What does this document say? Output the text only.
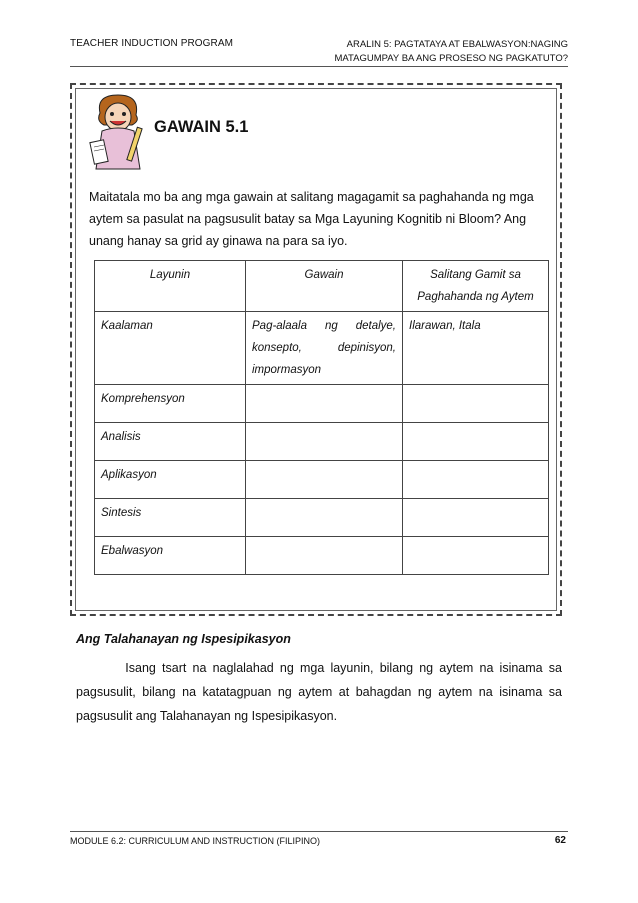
TEACHER INDUCTION PROGRAM	ARALIN 5: PAGTATAYA AT EBALWASYON:NAGING
MATAGUMPAY BA ANG PROSESO NG PAGKATUTO?
GAWAIN 5.1
Maitatala mo ba ang mga gawain at salitang magagamit sa paghahanda ng mga
aytem sa pasulat na pagsusulit batay sa Mga Layuning Kognitib ni Bloom? Ang
unang hanay sa grid ay ginawa na para sa iyo.
Layunin	Gawain	Salitang Gamit sa Paghahanda ng Aytem
Kaalaman	Pag-alaala ng detalye, konsepto, depinisyon, impormasyon	Ilarawan, Itala
Komprehensyon		
Analisis		
Aplikasyon		
Sintesis		
Ebalwasyon		
Ang Talahanayan ng Ispesipikasyon
Isang tsart na naglalahad ng mga layunin, bilang ng aytem na isinama sa
pagsusulit, bilang na katatagpuan ng aytem at bahagdan ng aytem na isinama sa
pagsusulit ang Talahanayan ng Ispesipikasyon.
MODULE 6.2: CURRICULUM AND INSTRUCTION (FILIPINO)	62
